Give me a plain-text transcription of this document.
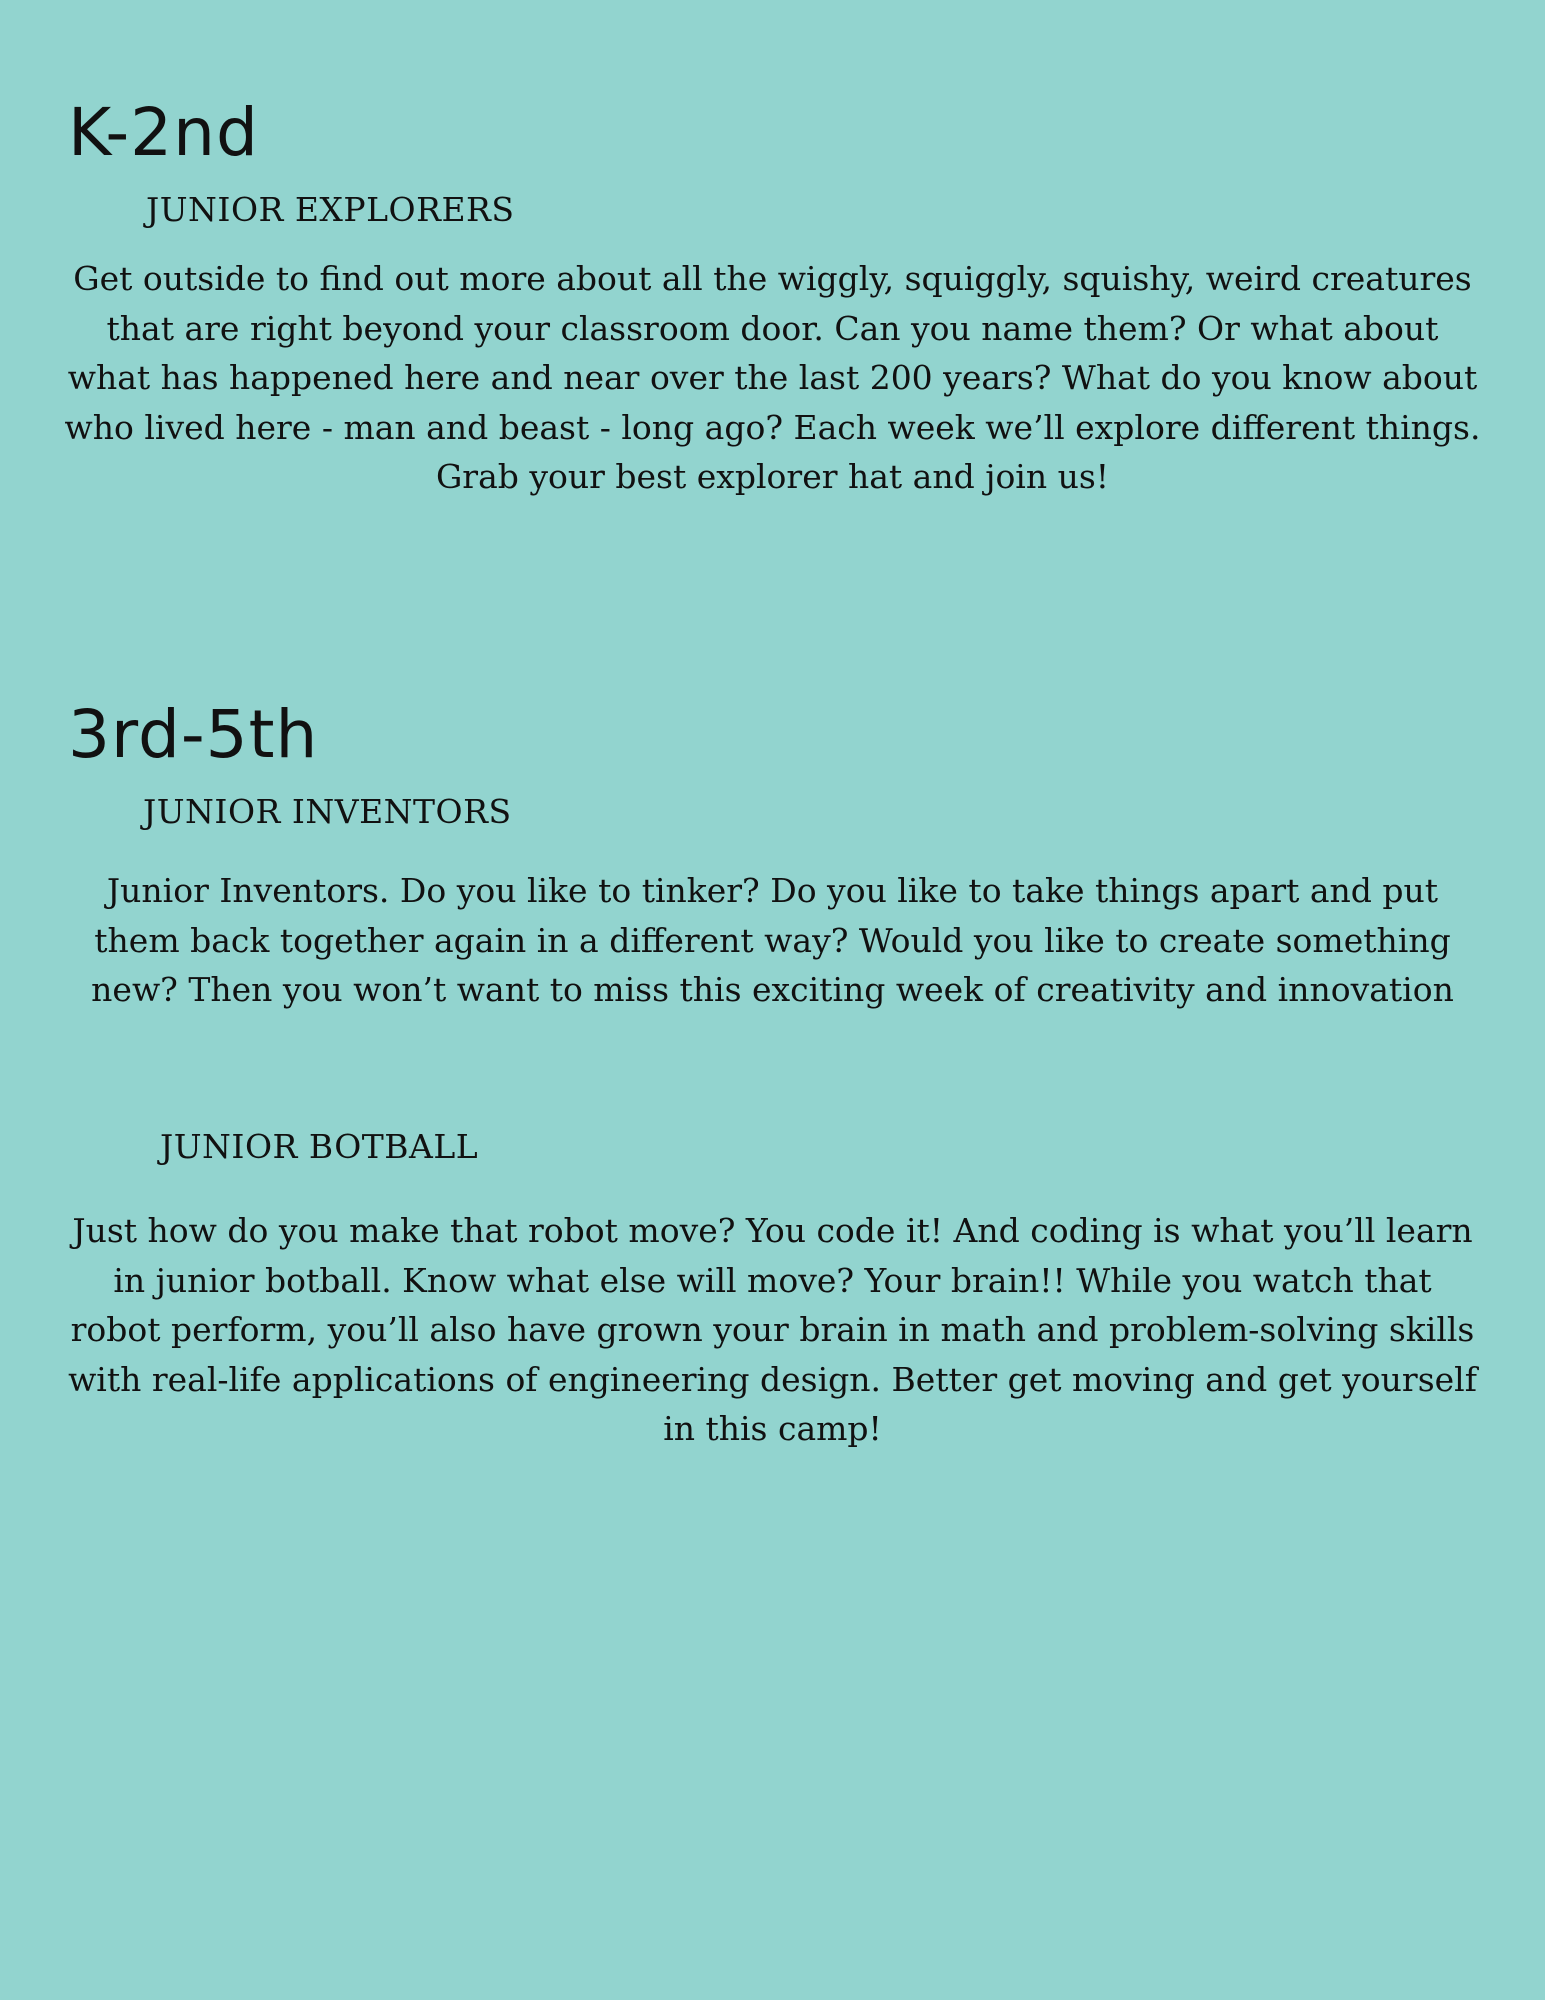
K-2nd
JUNIOR EXPLORERS

Get outside to find out more about all the wiggly, squiggly, squishy, weird creatures
that are right beyond your classroom door. Can you name them? Or what about
what has happened here and near over the last 200 years? What do you know about
who lived here - man and beast - long ago? Each week we’ll explore different things.
Grab your best explorer hat and join us!

3rd-5th
JUNIOR INVENTORS

Junior Inventors. Do you like to tinker? Do you like to take things apart and put
them back together again in a different way? Would you like to create something
new? Then you won’t want to miss this exciting week of creativity and innovation

JUNIOR BOTBALL

Just how do you make that robot move? You code it! And coding is what you’ll learn
in junior botball. Know what else will move? Your brain!! While you watch that
robot perform, you’ll also have grown your brain in math and problem-solving skills
with real-life applications of engineering design. Better get moving and get yourself
in this camp!
